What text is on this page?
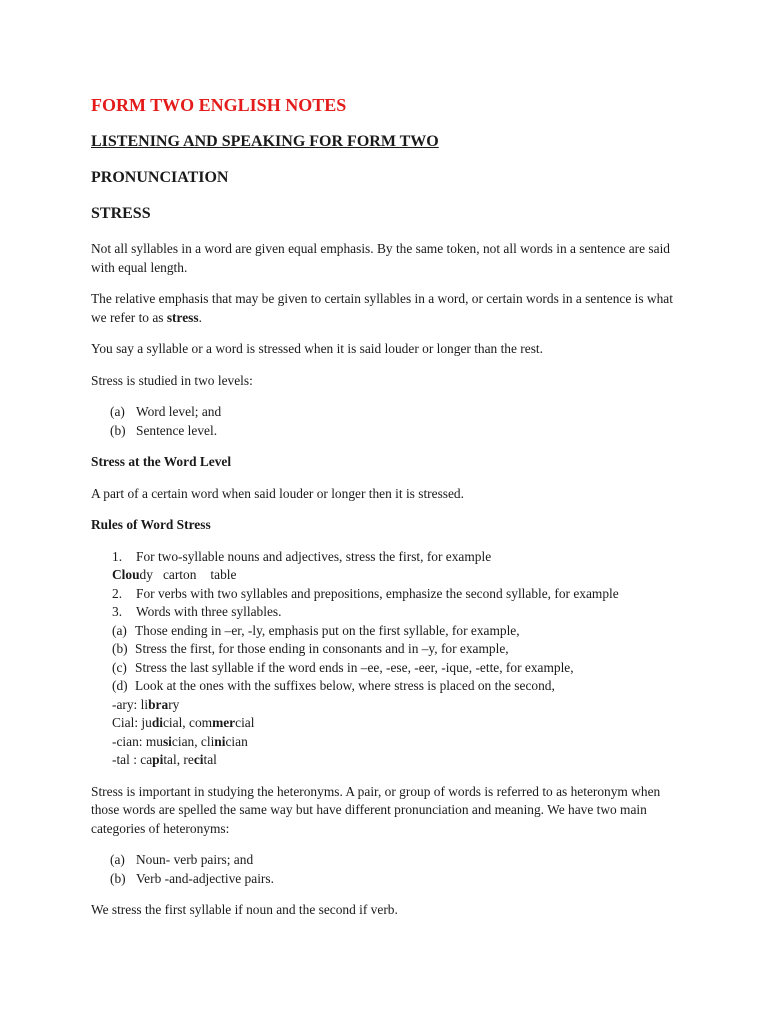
FORM TWO ENGLISH NOTES
LISTENING AND SPEAKING FOR FORM TWO
PRONUNCIATION
STRESS

Not all syllables in a word are given equal emphasis. By the same token, not all words in a sentence are said with equal length.

The relative emphasis that may be given to certain syllables in a word, or certain words in a sentence is what we refer to as stress.

You say a syllable or a word is stressed when it is said louder or longer than the rest.

Stress is studied in two levels:

(a) Word level; and
(b) Sentence level.
Stress at the Word Level

A part of a certain word when said louder or longer then it is stressed.

Rules of Word Stress
1. For two-syllable nouns and adjectives, stress the first, for example
Cloudy carton table
2. For verbs with two syllables and prepositions, emphasize the second syllable, for example
3. Words with three syllables.
(a) Those ending in –er, -ly, emphasis put on the first syllable, for example,
(b) Stress the first, for those ending in consonants and in –y, for example,
(c) Stress the last syllable if the word ends in –ee, -ese, -eer, -ique, -ette, for example,
(d) Look at the ones with the suffixes below, where stress is placed on the second,
-ary: library
Cial: judicial, commercial
-cian: musician, clinician
-tal : capital, recital

Stress is important in studying the heteronyms. A pair, or group of words is referred to as heteronym when those words are spelled the same way but have different pronunciation and meaning. We have two main categories of heteronyms:

(a) Noun- verb pairs; and
(b) Verb -and-adjective pairs.

We stress the first syllable if noun and the second if verb.
